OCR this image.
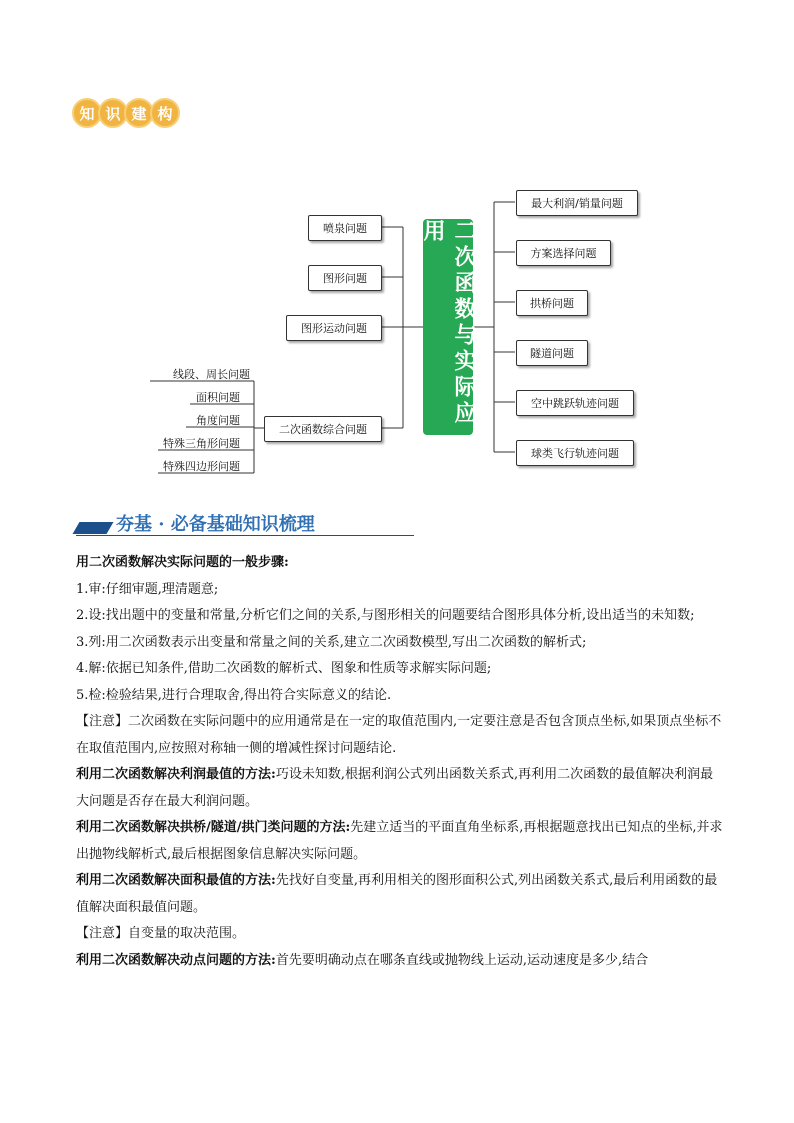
知 识 建 构
喷泉问题
图形问题
图形运动问题
二次函数综合问题
线段、周长问题
面积问题
角度问题
特殊三角形问题
特殊四边形问题
二次函数与实际应用
最大利润/销量问题
方案选择问题
拱桥问题
隧道问题
空中跳跃轨迹问题
球类飞行轨迹问题
夯基 · 必备基础知识梳理

用二次函数解决实际问题的一般步骤:

1.审:仔细审题,理清题意;

2.设:找出题中的变量和常量,分析它们之间的关系,与图形相关的问题要结合图形具体分析,设出适当的未知数;

3.列:用二次函数表示出变量和常量之间的关系,建立二次函数模型,写出二次函数的解析式;

4.解:依据已知条件,借助二次函数的解析式、图象和性质等求解实际问题;

5.检:检验结果,进行合理取舍,得出符合实际意义的结论.

【注意】二次函数在实际问题中的应用通常是在一定的取值范围内,一定要注意是否包含顶点坐标,如果顶点坐标不在取值范围内,应按照对称轴一侧的增减性探讨问题结论.

利用二次函数解决利润最值的方法:巧设未知数,根据利润公式列出函数关系式,再利用二次函数的最值解决利润最大问题是否存在最大利润问题。

利用二次函数解决拱桥/隧道/拱门类问题的方法:先建立适当的平面直角坐标系,再根据题意找出已知点的坐标,并求出抛物线解析式,最后根据图象信息解决实际问题。

利用二次函数解决面积最值的方法:先找好自变量,再利用相关的图形面积公式,列出函数关系式,最后利用函数的最值解决面积最值问题。

【注意】自变量的取决范围。

利用二次函数解决动点问题的方法:首先要明确动点在哪条直线或抛物线上运动,运动速度是多少,结合
